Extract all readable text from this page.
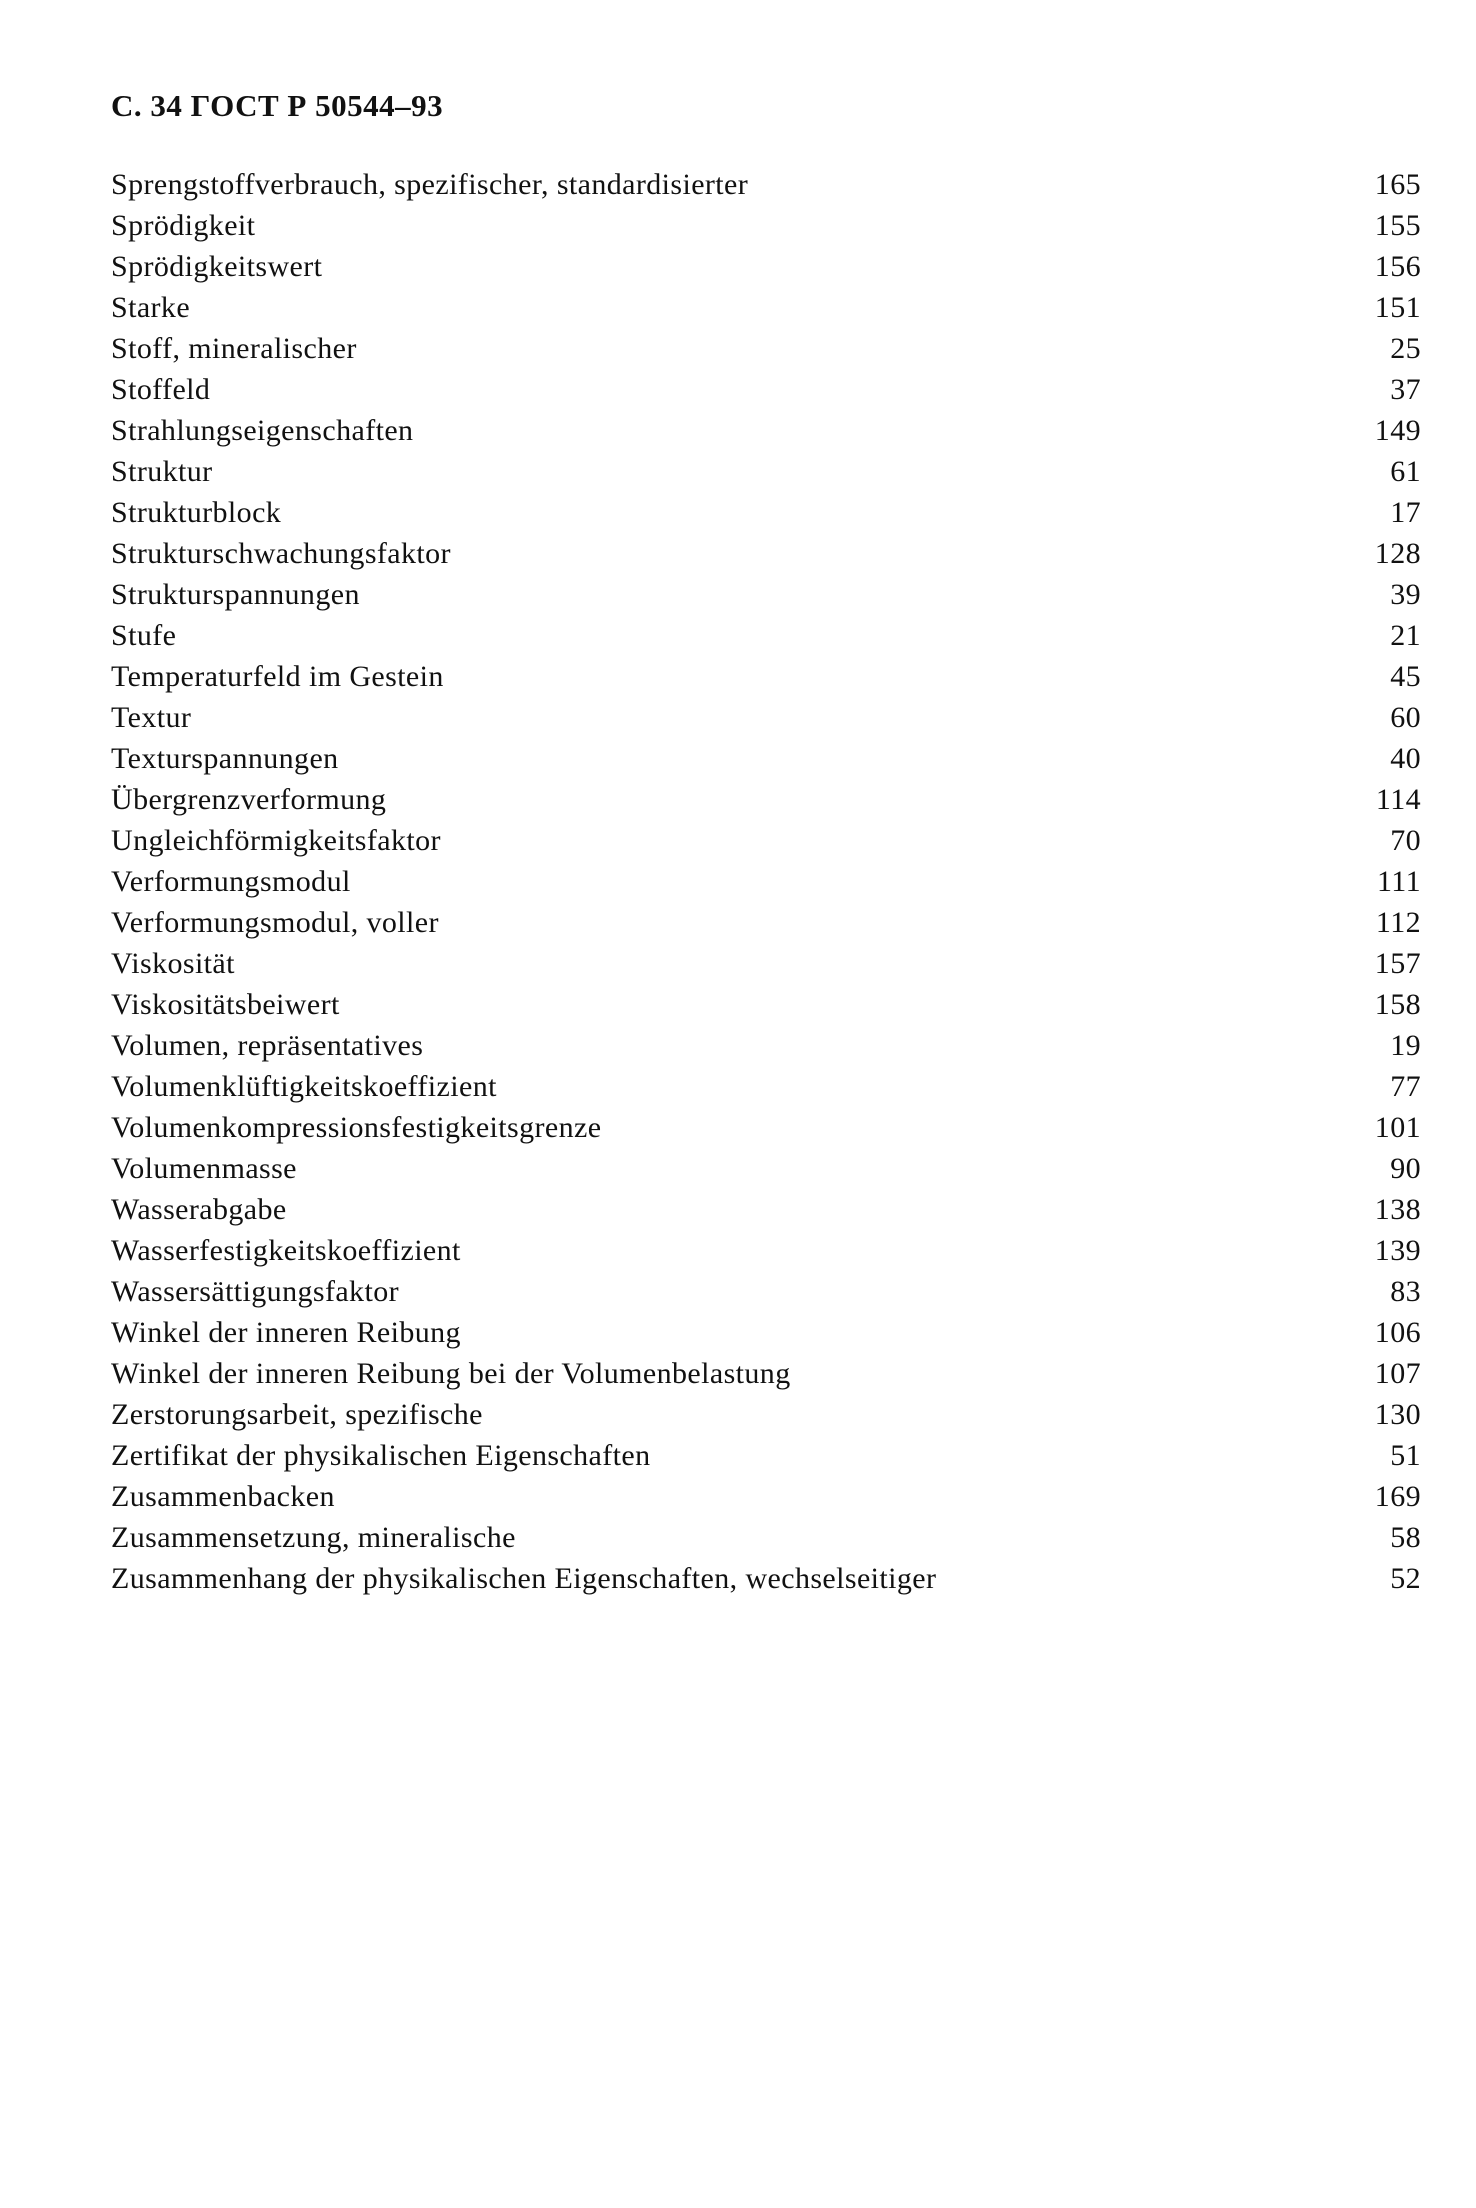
С. 34 ГОСТ Р 50544–93
Sprengstoffverbrauch, spezifischer, standardisierter	165
Sprödigkeit	155
Sprödigkeitswert	156
Starke	151
Stoff, mineralischer	25
Stoffeld	37
Strahlungseigenschaften	149
Struktur	61
Strukturblock	17
Strukturschwachungsfaktor	128
Strukturspannungen	39
Stufe	21
Temperaturfeld im Gestein	45
Textur	60
Texturspannungen	40
Übergrenzverformung	114
Ungleichförmigkeitsfaktor	70
Verformungsmodul	111
Verformungsmodul, voller	112
Viskosität	157
Viskositätsbeiwert	158
Volumen, repräsentatives	19
Volumenklüftigkeitskoeffizient	77
Volumenkompressionsfestigkeitsgrenze	101
Volumenmasse	90
Wasserabgabe	138
Wasserfestigkeitskoeffizient	139
Wassersättigungsfaktor	83
Winkel der inneren Reibung	106
Winkel der inneren Reibung bei der Volumenbelastung	107
Zerstorungsarbeit, spezifische	130
Zertifikat der physikalischen Eigenschaften	51
Zusammenbacken	169
Zusammensetzung, mineralische	58
Zusammenhang der physikalischen Eigenschaften, wechselseitiger	52
